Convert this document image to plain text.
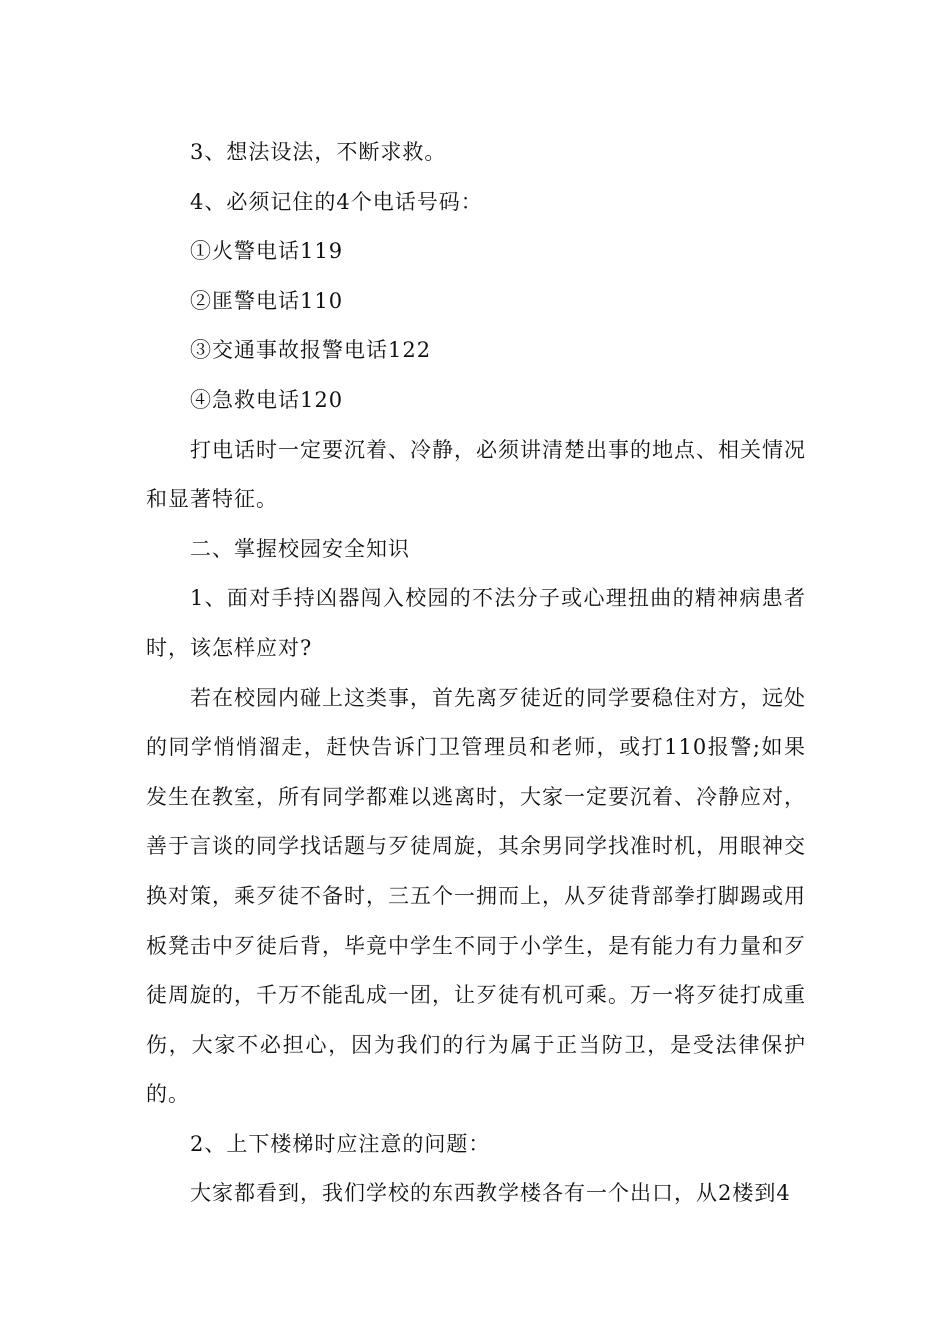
3、想法设法，不断求救。

4、必须记住的4个电话号码：

①火警电话119

②匪警电话110

③交通事故报警电话122

④急救电话120

打电话时一定要沉着、冷静，必须讲清楚出事的地点、相关情况和显著特征。

二、掌握校园安全知识

1、面对手持凶器闯入校园的不法分子或心理扭曲的精神病患者时，该怎样应对?

若在校园内碰上这类事，首先离歹徒近的同学要稳住对方，远处的同学悄悄溜走，赶快告诉门卫管理员和老师，或打110报警;如果发生在教室，所有同学都难以逃离时，大家一定要沉着、冷静应对，善于言谈的同学找话题与歹徒周旋，其余男同学找准时机，用眼神交换对策，乘歹徒不备时，三五个一拥而上，从歹徒背部拳打脚踢或用板凳击中歹徒后背，毕竟中学生不同于小学生，是有能力有力量和歹徒周旋的，千万不能乱成一团，让歹徒有机可乘。万一将歹徒打成重伤，大家不必担心，因为我们的行为属于正当防卫，是受法律保护的。

2、上下楼梯时应注意的问题：

大家都看到，我们学校的东西教学楼各有一个出口，从2楼到4
